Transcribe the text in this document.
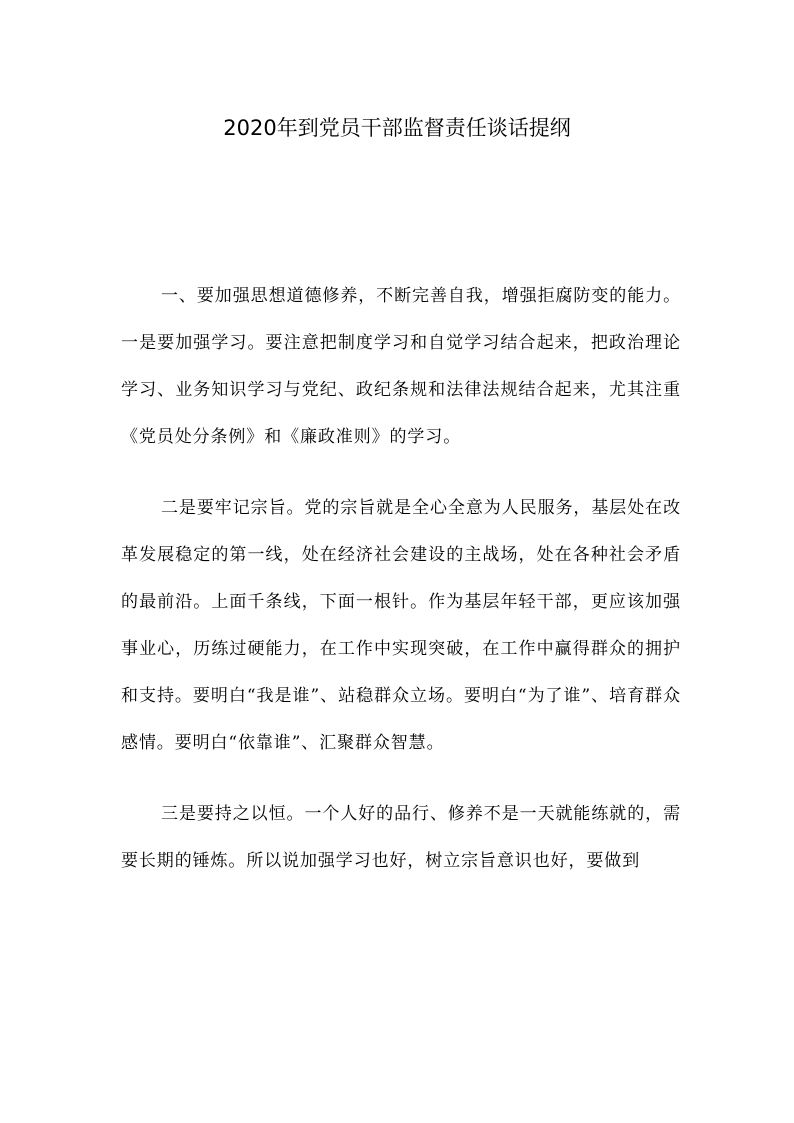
2020年到党员干部监督责任谈话提纲

一、要加强思想道德修养，不断完善自我，增强拒腐防变的能力。一是要加强学习。要注意把制度学习和自觉学习结合起来，把政治理论学习、业务知识学习与党纪、政纪条规和法律法规结合起来，尤其注重《党员处分条例》和《廉政准则》的学习。

二是要牢记宗旨。党的宗旨就是全心全意为人民服务，基层处在改革发展稳定的第一线，处在经济社会建设的主战场，处在各种社会矛盾的最前沿。上面千条线，下面一根针。作为基层年轻干部，更应该加强事业心，历练过硬能力，在工作中实现突破，在工作中赢得群众的拥护和支持。要明白“我是谁”、站稳群众立场。要明白“为了谁”、培育群众感情。要明白“依靠谁”、汇聚群众智慧。

三是要持之以恒。一个人好的品行、修养不是一天就能练就的，需要长期的锤炼。所以说加强学习也好，树立宗旨意识也好，要做到
